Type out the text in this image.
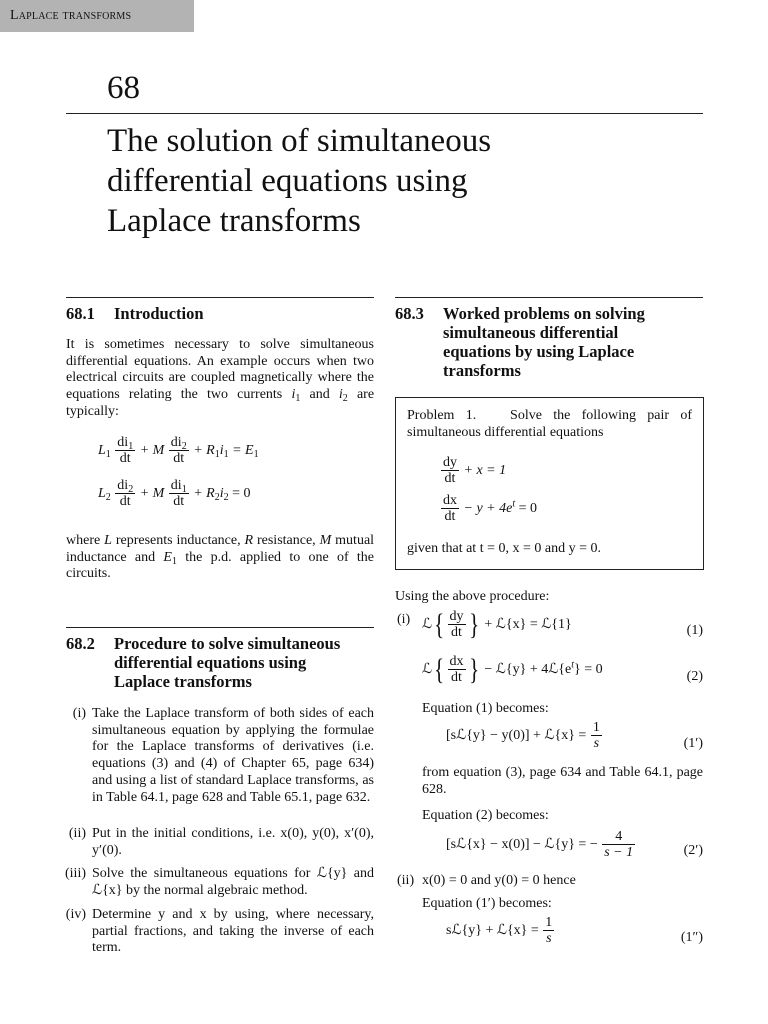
Laplace transforms
68
The solution of simultaneous
differential equations using
Laplace transforms
68.1 Introduction
It is sometimes necessary to solve simultaneous differential equations. An example occurs when two electrical circuits are coupled magnetically where the equations relating the two currents $i_1$ and $i_2$ are typically:
$L_1 \frac{di_1}{dt} + M \frac{di_2}{dt} + R_1i_1 = E_1$
$L_2 \frac{di_2}{dt} + M \frac{di_1}{dt} + R_2i_2 = 0$
where L represents inductance, R resistance, M mutual inductance and $E_1$ the p.d. applied to one of the circuits.
68.2 Procedure to solve simultaneous
differential equations using
Laplace transforms
(i) Take the Laplace transform of both sides of each simultaneous equation by applying the formulae for the Laplace transforms of derivatives (i.e. equations (3) and (4) of Chapter 65, page 634) and using a list of standard Laplace transforms, as in Table 64.1, page 628 and Table 65.1, page 632.
(ii) Put in the initial conditions, i.e. x(0), y(0), x′(0), y′(0).
(iii) Solve the simultaneous equations for ℒ{y} and ℒ{x} by the normal algebraic method.
(iv) Determine y and x by using, where necessary, partial fractions, and taking the inverse of each term.
68.3 Worked problems on solving
simultaneous differential
equations by using Laplace
transforms
Problem 1. Solve the following pair of simultaneous differential equations
$\frac{dy}{dt} + x = 1$
$\frac{dx}{dt} - y + 4e^t = 0$
given that at t = 0, x = 0 and y = 0.
Using the above procedure:
(i) ℒ{ $\frac{dy}{dt}$ } + ℒ{x} = ℒ{1}	(1)
ℒ{ $\frac{dx}{dt}$ } − ℒ{y} + $4ℒ\{e^t\} = 0$	(2)
Equation (1) becomes:
[sℒ{y} − y(0)] + ℒ{x} = $\frac{1}{s}$	(1′)
from equation (3), page 634 and Table 64.1, page 628.
Equation (2) becomes:
[sℒ{x} − x(0)] − ℒ{y} = − $\frac{4}{s - 1}$	(2′)
(ii) x(0) = 0 and y(0) = 0 hence
Equation (1′) becomes:
sℒ{y} + ℒ{x} = $\frac{1}{s}$	(1″)
